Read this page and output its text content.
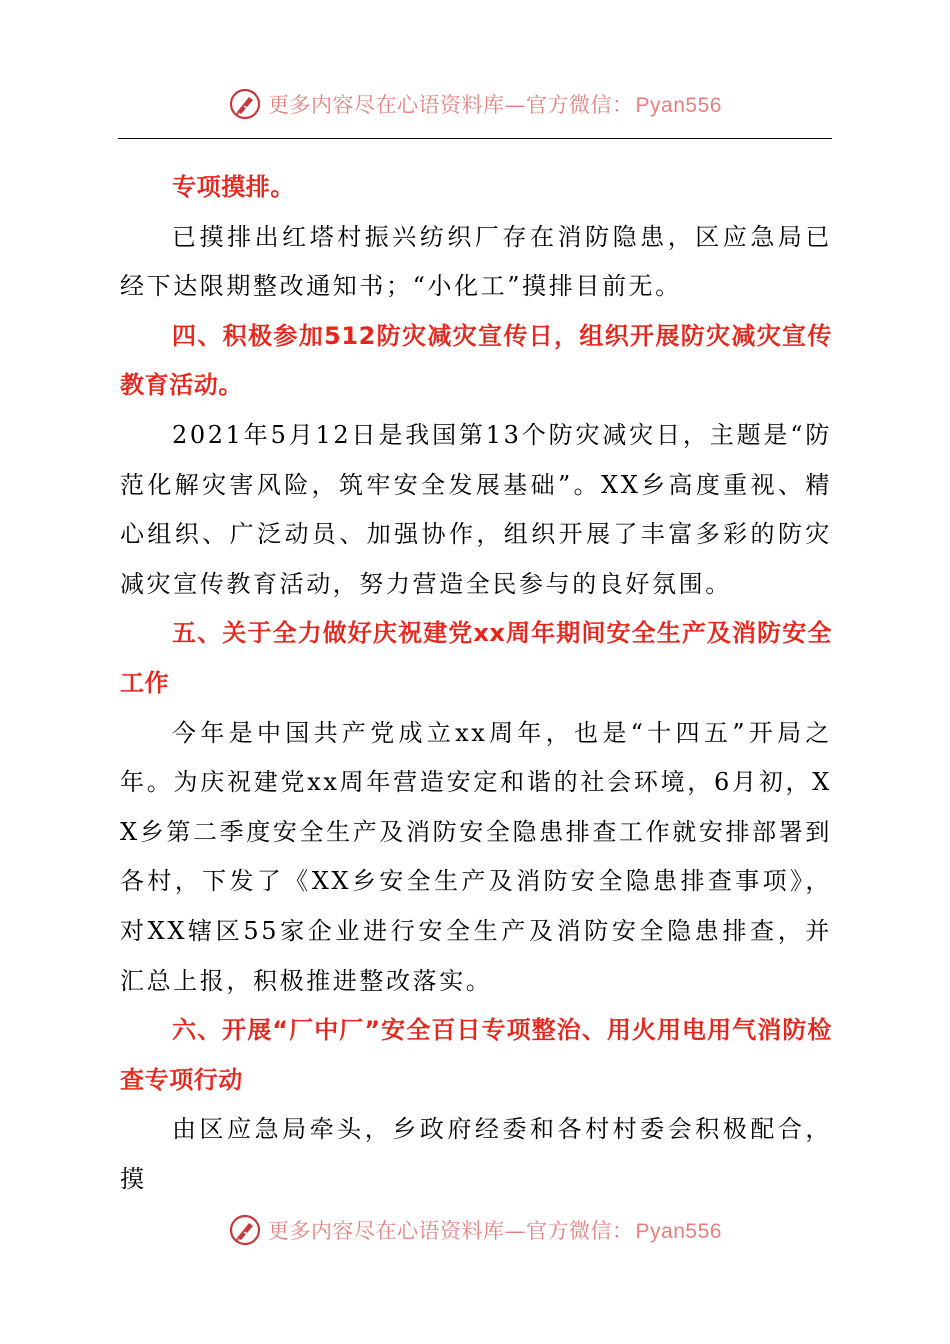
更多内容尽在心语资料库—官方微信：Pyan556

专项摸排。

已摸排出红塔村振兴纺织厂存在消防隐患，区应急局已经下达限期整改通知书；“小化工”摸排目前无。

四、积极参加512防灾减灾宣传日，组织开展防灾减灾宣传教育活动。

2021年5月12日是我国第13个防灾减灾日，主题是“防范化解灾害风险，筑牢安全发展基础”。XX乡高度重视、精心组织、广泛动员、加强协作，组织开展了丰富多彩的防灾减灾宣传教育活动，努力营造全民参与的良好氛围。

五、关于全力做好庆祝建党xx周年期间安全生产及消防安全工作

今年是中国共产党成立xx周年，也是“十四五”开局之年。为庆祝建党xx周年营造安定和谐的社会环境，6月初，XX乡第二季度安全生产及消防安全隐患排查工作就安排部署到各村，下发了《XX乡安全生产及消防安全隐患排查事项》，对XX辖区55家企业进行安全生产及消防安全隐患排查，并汇总上报，积极推进整改落实。

六、开展“厂中厂”安全百日专项整治、用火用电用气消防检查专项行动

由区应急局牵头，乡政府经委和各村村委会积极配合，摸

更多内容尽在心语资料库—官方微信：Pyan556
